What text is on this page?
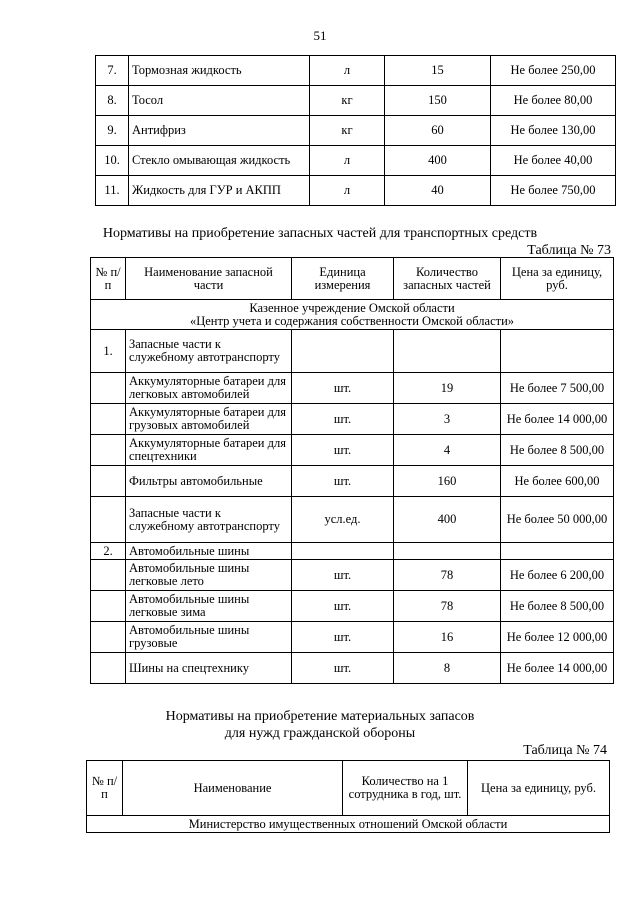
51
7.	Тормозная жидкость	л	15	Не более 250,00
8.	Тосол	кг	150	Не более 80,00
9.	Антифриз	кг	60	Не более 130,00
10.	Стекло омывающая жидкость	л	400	Не более 40,00
11.	Жидкость для ГУР и АКПП	л	40	Не более 750,00
Нормативы на приобретение запасных частей для транспортных средств
Таблица № 73
№ п/п	Наименование запасной части	Единица измерения	Количество запасных частей	Цена за единицу, руб.

Казенное учреждение Омской области
«Центр учета и содержания собственности Омской области»				

1.	Запасные части к служебному автотранспорту			
	Аккумуляторные батареи для легковых автомобилей	шт.	19	Не более 7 500,00
	Аккумуляторные батареи для грузовых автомобилей	шт.	3	Не более 14 000,00
	Аккумуляторные батареи для спецтехники	шт.	4	Не более 8 500,00
	Фильтры автомобильные	шт.	160	Не более 600,00
	Запасные части к служебному автотранспорту	усл.ед.	400	Не более 50 000,00
2.	Автомобильные шины			
	Автомобильные шины легковые лето	шт.	78	Не более 6 200,00
	Автомобильные шины легковые зима	шт.	78	Не более 8 500,00
	Автомобильные шины грузовые	шт.	16	Не более 12 000,00
	Шины на спецтехнику	шт.	8	Не более 14 000,00
Нормативы на приобретение материальных запасов
для нужд гражданской обороны
Таблица № 74
№ п/п	Наименование	Количество на 1 сотрудника в год, шт.	Цена за единицу, руб.
Министерство имущественных отношений Омской области
